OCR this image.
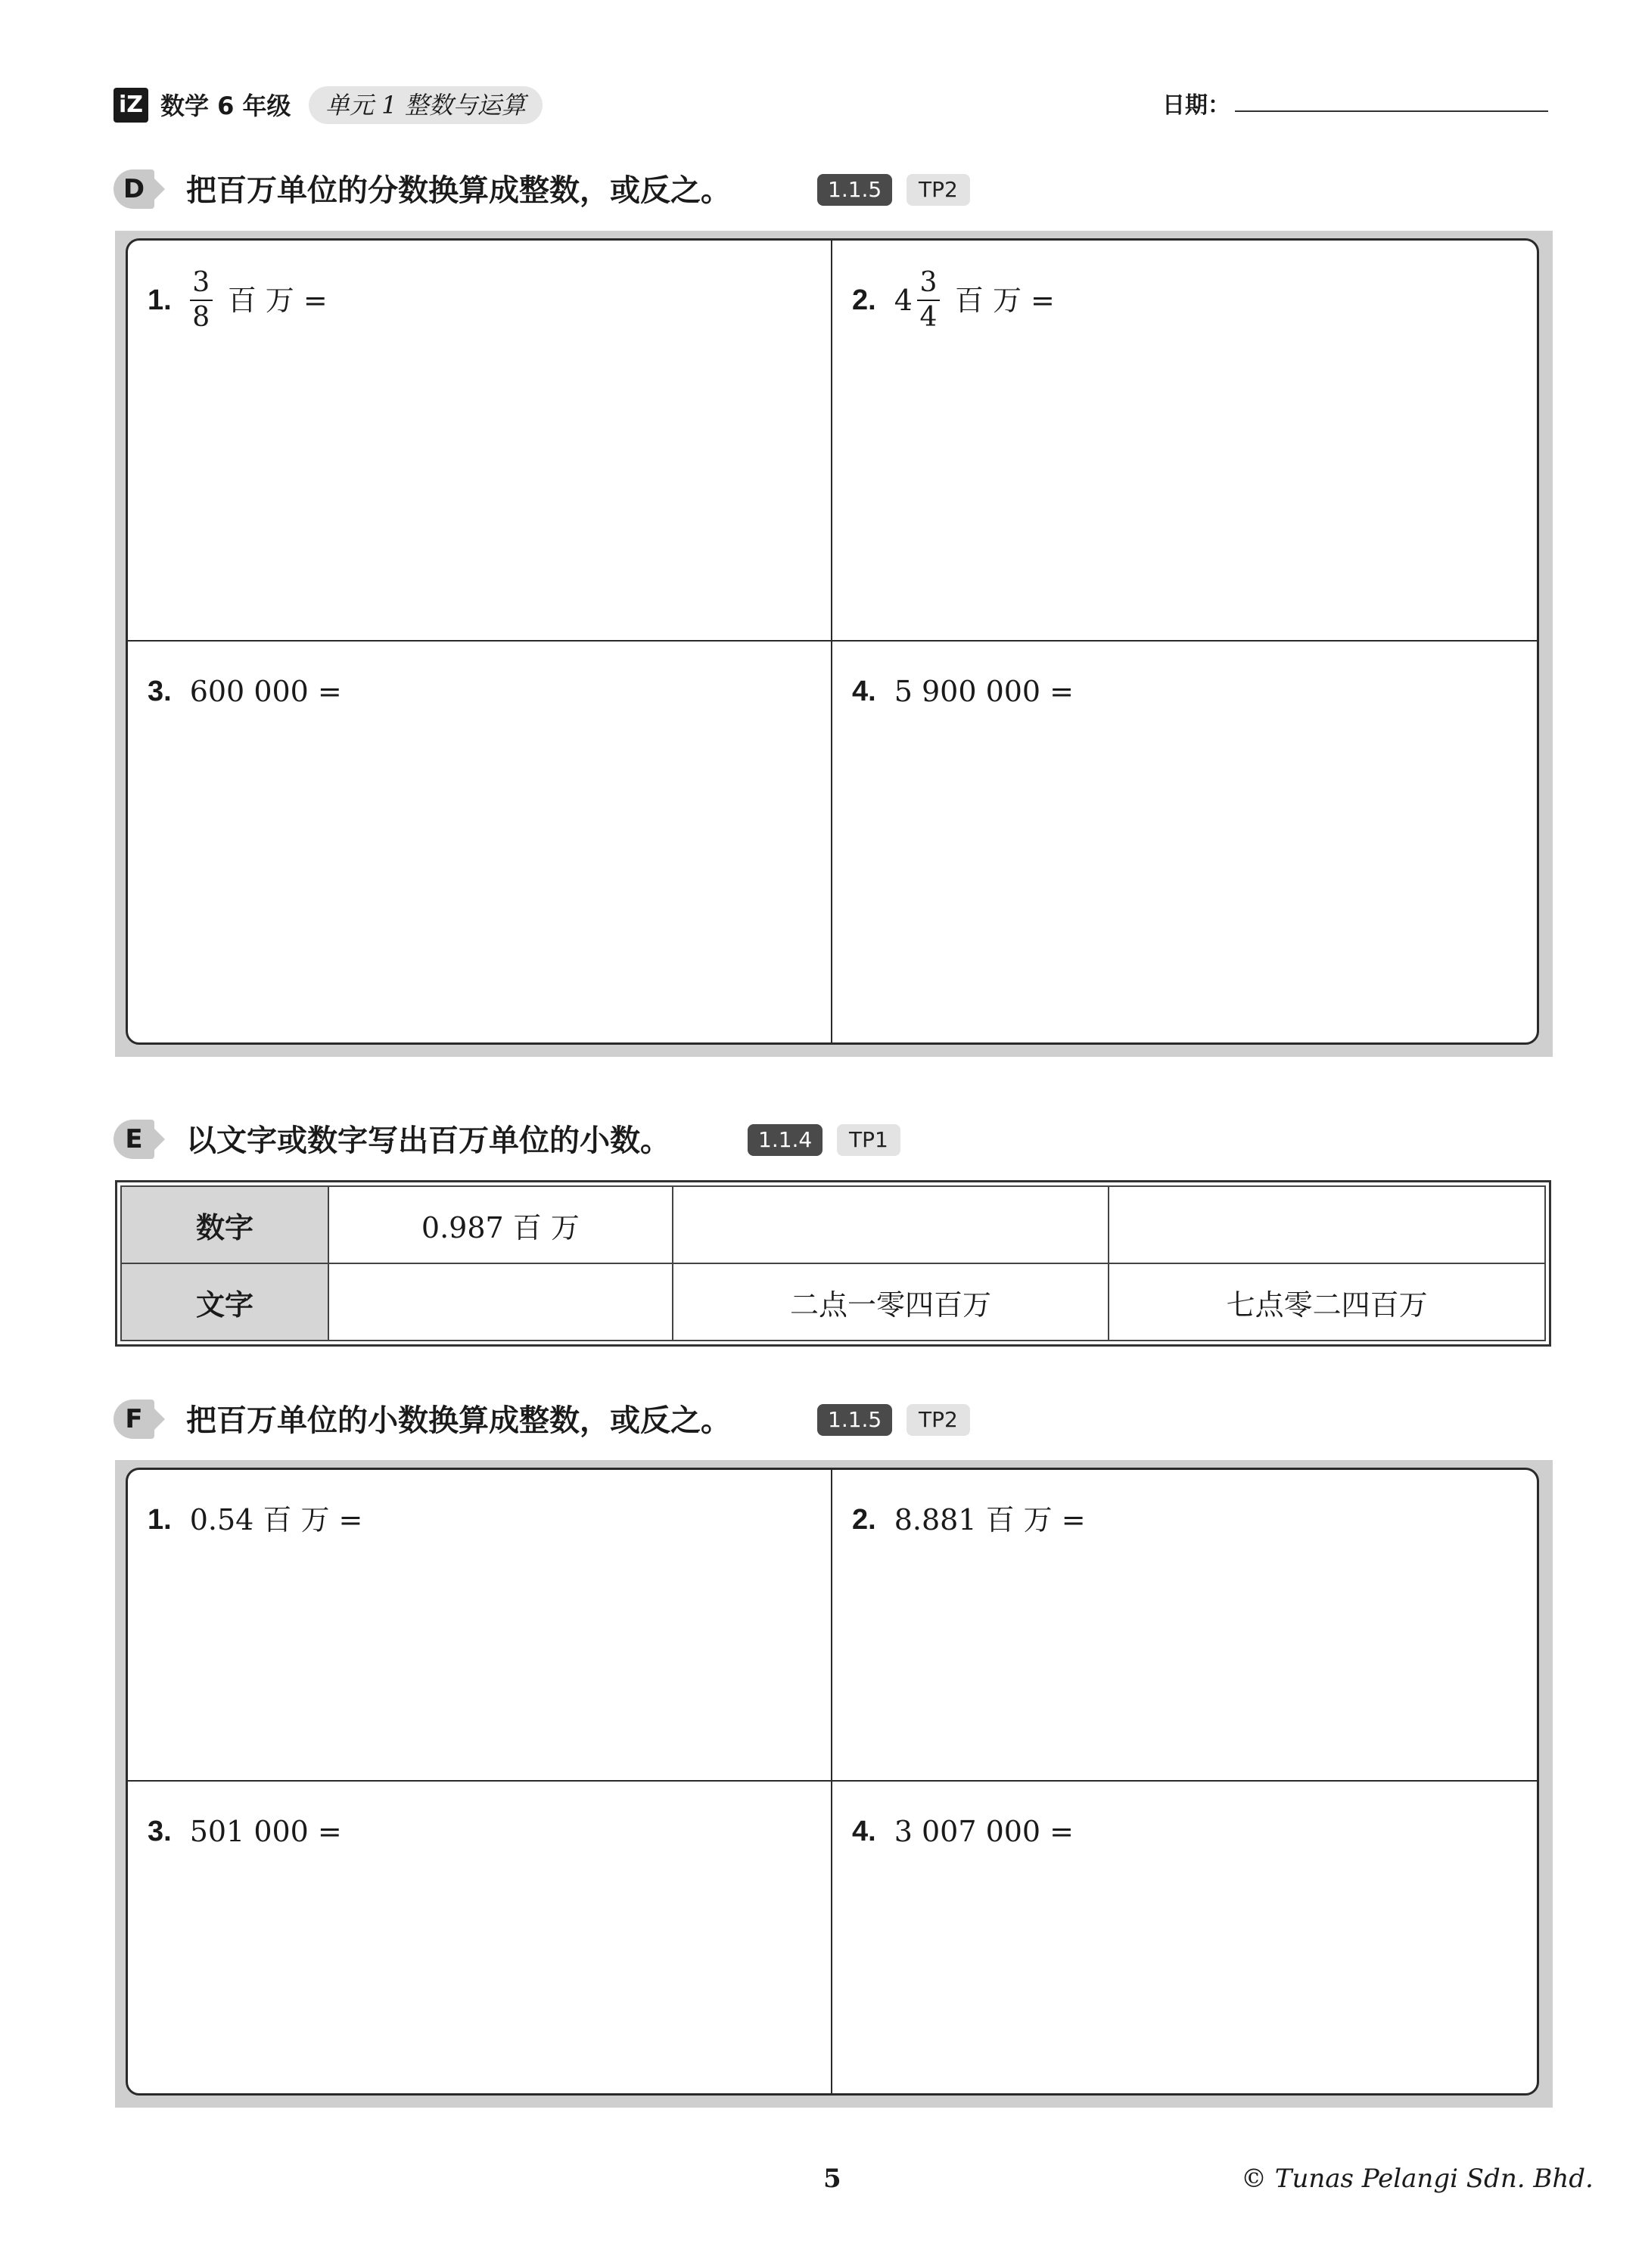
iZ 数学 6 年级	单元 1 整数与运算	日期：
D	把百万单位的分数换算成整数，或反之。	1.1.5	TP2
1. $\frac{3}{8}$ 百 万 =	2. $4 \frac{3}{4}$ 百 万 =
3. 600 000 =	4. 5 900 000 =
E	以文字或数字写出百万单位的小数。	1.1.4	TP1
数字	0.987 百 万		
文字		二点一零四百万	七点零二四百万
F	把百万单位的小数换算成整数，或反之。	1.1.5	TP2
1. 0.54 百 万 =	2. 8.881 百 万 =
3. 501 000 =	4. 3 007 000 =
5	© Tunas Pelangi Sdn. Bhd.
